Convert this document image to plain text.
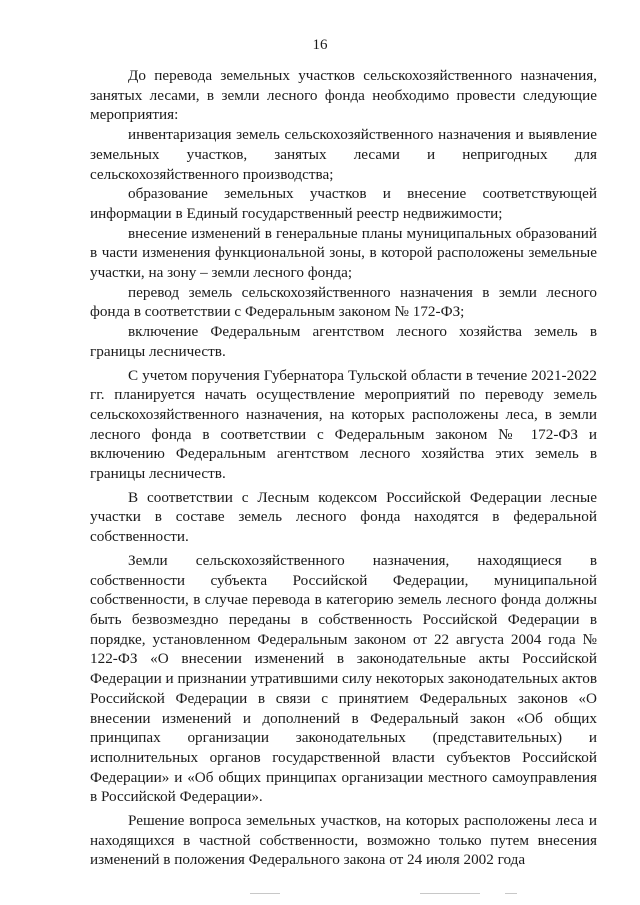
16

До перевода земельных участков сельскохозяйственного назначения, занятых лесами, в земли лесного фонда необходимо провести следующие мероприятия:

инвентаризация земель сельскохозяйственного назначения и выявление земельных участков, занятых лесами и непригодных для сельскохозяйственного производства;

образование земельных участков и внесение соответствующей информации в Единый государственный реестр недвижимости;

внесение изменений в генеральные планы муниципальных образований в части изменения функциональной зоны, в которой расположены земельные участки, на зону – земли лесного фонда;

перевод земель сельскохозяйственного назначения в земли лесного фонда в соответствии с Федеральным законом № 172-ФЗ;

включение Федеральным агентством лесного хозяйства земель в границы лесничеств.

С учетом поручения Губернатора Тульской области в течение 2021-2022 гг. планируется начать осуществление мероприятий по переводу земель сельскохозяйственного назначения, на которых расположены леса, в земли лесного фонда в соответствии с Федеральным законом № 172-ФЗ и включению Федеральным агентством лесного хозяйства этих земель в границы лесничеств.

В соответствии с Лесным кодексом Российской Федерации лесные участки в составе земель лесного фонда находятся в федеральной собственности.

Земли сельскохозяйственного назначения, находящиеся в собственности субъекта Российской Федерации, муниципальной собственности, в случае перевода в категорию земель лесного фонда должны быть безвозмездно переданы в собственность Российской Федерации в порядке, установленном Федеральным законом от 22 августа 2004 года № 122-ФЗ «О внесении изменений в законодательные акты Российской Федерации и признании утратившими силу некоторых законодательных актов Российской Федерации в связи с принятием Федеральных законов «О внесении изменений и дополнений в Федеральный закон «Об общих принципах организации законодательных (представительных) и исполнительных органов государственной власти субъектов Российской Федерации» и «Об общих принципах организации местного самоуправления в Российской Федерации».

Решение вопроса земельных участков, на которых расположены леса и находящихся в частной собственности, возможно только путем внесения изменений в положения Федерального закона от 24 июля 2002 года
